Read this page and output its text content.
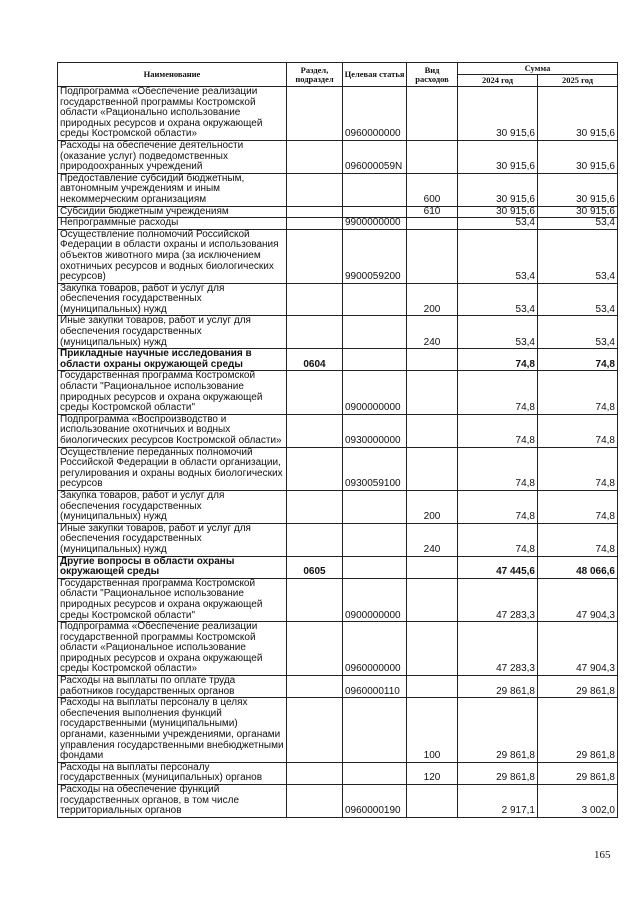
Наименование	Раздел, подраздел	Целевая статья	Вид расходов	Сумма	
				2024 год	2025 год
Подпрограмма «Обеспечение реализации государственной программы Костромской области «Рационально использование природных ресурсов и охрана окружающей среды Костромской области»		0960000000		30 915,6	30 915,6
Расходы на обеспечение деятельности (оказание услуг) подведомственных природоохранных учреждений		096000059N		30 915,6	30 915,6
Предоставление субсидий бюджетным, автономным учреждениям и иным некоммерческим организациям			600	30 915,6	30 915,6
Субсидии бюджетным учреждениям			610	30 915,6	30 915,6
Непрограммные расходы		9900000000		53,4	53,4
Осуществление полномочий Российской Федерации в области охраны и использования объектов животного мира (за исключением охотничьих ресурсов и водных биологических ресурсов)		9900059200		53,4	53,4
Закупка товаров, работ и услуг для обеспечения государственных (муниципальных) нужд			200	53,4	53,4
Иные закупки товаров, работ и услуг для обеспечения государственных (муниципальных) нужд			240	53,4	53,4
Прикладные научные исследования в области охраны окружающей среды	0604			74,8	74,8
Государственная программа Костромской области "Рациональное использование природных ресурсов и охрана окружающей среды Костромской области"		0900000000		74,8	74,8
Подпрограмма «Воспроизводство и использование охотничьих и водных биологических ресурсов Костромской области»		0930000000		74,8	74,8
Осуществление переданных полномочий Российской Федерации в области организации, регулирования и охраны водных биологических ресурсов		0930059100		74,8	74,8
Закупка товаров, работ и услуг для обеспечения государственных (муниципальных) нужд			200	74,8	74,8
Иные закупки товаров, работ и услуг для обеспечения государственных (муниципальных) нужд			240	74,8	74,8
Другие вопросы в области охраны окружающей среды	0605			47 445,6	48 066,6
Государственная программа Костромской области "Рациональное использование природных ресурсов и охрана окружающей среды Костромской области"		0900000000		47 283,3	47 904,3
Подпрограмма «Обеспечение реализации государственной программы Костромской области «Рациональное использование природных ресурсов и охрана окружающей среды Костромской области»		0960000000		47 283,3	47 904,3
Расходы на выплаты по оплате труда работников государственных органов		0960000110		29 861,8	29 861,8
Расходы на выплаты персоналу в целях обеспечения выполнения функций государственными (муниципальными) органами, казенными учреждениями, органами управления государственными внебюджетными фондами			100	29 861,8	29 861,8
Расходы на выплаты персоналу государственных (муниципальных) органов			120	29 861,8	29 861,8
Расходы на обеспечение функций государственных органов, в том числе территориальных органов		0960000190		2 917,1	3 002,0
165
